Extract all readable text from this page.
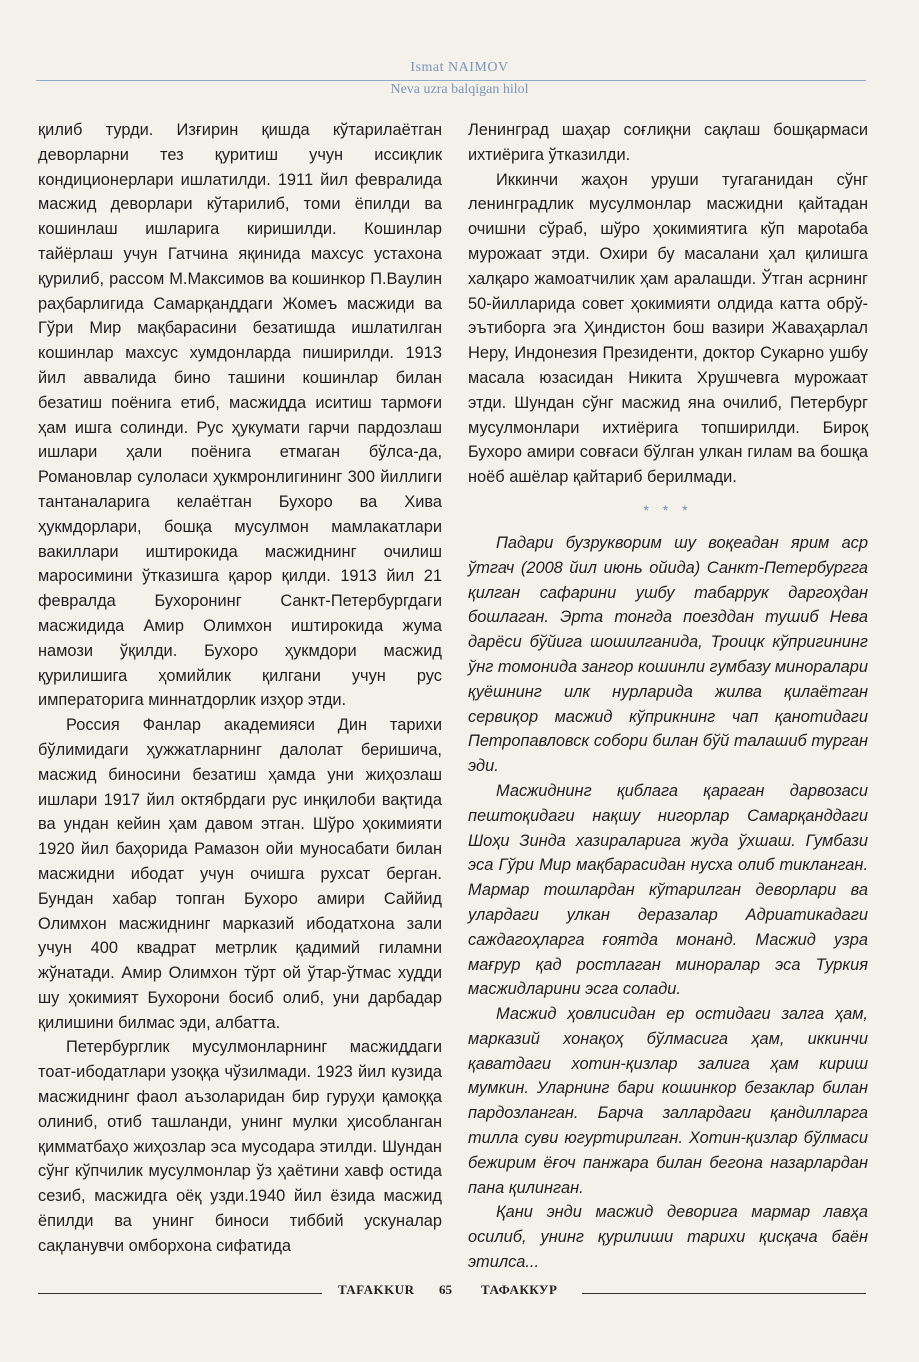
Ismat NAIMOV
Neva uzra balqigan hilol

қилиб турди. Изғирин қишда кўтарилаётган деворларни тез қуритиш учун иссиқлик кондиционерлари ишлатилди. 1911 йил февралида масжид деворлари кўтарилиб, томи ёпилди ва кошинлаш ишларига киришилди. Кошинлар тайёрлаш учун Гатчина яқинида махсус устахона қурилиб, рассом М.Максимов ва кошинкор П.Ваулин раҳбарлигида Самарқанддаги Жомеъ масжиди ва Гўри Мир мақбарасини безатишда ишлатилган кошинлар махсус хумдонларда пиширилди. 1913 йил аввалида бино ташини кошинлар билан безатиш поёнига етиб, масжидда иситиш тармоғи ҳам ишга солинди. Рус ҳукумати гарчи пардозлаш ишлари ҳали поёнига етмаган бўлса-да, Романовлар сулоласи ҳукмронлигининг 300 йиллиги тантаналарига келаётган Бухоро ва Хива ҳукмдорлари, бошқа мусулмон мамлакатлари вакиллари иштирокида масжиднинг очилиш маросимини ўтказишга қарор қилди. 1913 йил 21 февралда Бухоронинг Санкт-Петербургдаги масжидида Амир Олимхон иштирокида жума намози ўқилди. Бухоро ҳукмдори масжид қурилишига ҳомийлик қилгани учун рус императорига миннатдорлик изҳор этди.

Россия Фанлар академияси Дин тарихи бўлимидаги ҳужжатларнинг далолат беришича, масжид биносини безатиш ҳамда уни жиҳозлаш ишлари 1917 йил октябрдаги рус инқилоби вақтида ва ундан кейин ҳам давом этган. Шўро ҳокимияти 1920 йил баҳорида Рамазон ойи муносабати билан масжидни ибодат учун очишга рухсат берган. Бундан хабар топган Бухоро амири Саййид Олимхон масжиднинг марказий ибодатхона зали учун 400 квадрат метрлик қадимий гиламни жўнатади. Амир Олимхон тўрт ой ўтар-ўтмас худди шу ҳокимият Бухорони босиб олиб, уни дарбадар қилишини билмас эди, албатта.

Петербурглик мусулмонларнинг масжиддаги тоат-ибодатлари узоққа чўзилмади. 1923 йил кузида масжиднинг фаол аъзоларидан бир гуруҳи қамоққа олиниб, отиб ташланди, унинг мулки ҳисобланган қимматбаҳо жиҳозлар эса мусодара этилди. Шундан сўнг кўпчилик мусулмонлар ўз ҳаётини хавф остида сезиб, масжидга оёқ узди.1940 йил ёзида масжид ёпилди ва унинг биноси тиббий ускуналар сақланувчи омборхона сифатида

Ленинград шаҳар соғлиқни сақлаш бошқармаси ихтиёрига ўтказилди.

Иккинчи жаҳон уруши тугаганидан сўнг ленинградлик мусулмонлар масжидни қайтадан очишни сўраб, шўро ҳокимиятига кўп марotaба мурожаат этди. Охири бу масалани ҳал қилишга халқаро жамоатчилик ҳам аралашди. Ўтган асрнинг 50-йилларида совет ҳокимияти олдида катта обрў-эътиборга эга Ҳиндистон бош вазири Жаваҳарлал Неру, Индонезия Президенти, доктор Сукарно ушбу масала юзасидан Никита Хрушчевга мурожаат этди. Шундан сўнг масжид яна очилиб, Петербург мусулмонлари ихтиёрига топширилди. Бироқ Бухоро амири совғаси бўлган улкан гилам ва бошқа ноёб ашёлар қайтариб берилмади.

* * *

Падари бузрукворим шу воқеадан ярим аср ўтгач (2008 йил июнь ойида) Санкт-Петербургга қилган сафарини ушбу табаррук даргоҳдан бошлаган. Эрта тонгда поезддан тушиб Нева дарёси бўйига шошилганида, Троицк кўпригининг ўнг томонида зангор кошинли гумбазу миноралари қуёшнинг илк нурларида жилва қилаётган сервиқор масжид кўприкнинг чап қанотидаги Петропавловск собори билан бўй талашиб турган эди.

Масжиднинг қиблага қараган дарвозаси пештоқидаги нақшу нигорлар Самарқанддаги Шоҳи Зинда хазираларига жуда ўхшаш. Гумбази эса Гўри Мир мақбарасидан нусха олиб тикланган. Мармар тошлардан кўтарилган деворлари ва улардаги улкан деразалар Адриатикадаги саждагоҳларга ғоятда монанд. Масжид узра мағрур қад ростлаган миноралар эса Туркия масжидларини эсга солади.

Масжид ҳовлисидан ер остидаги залга ҳам, марказий хонақоҳ бўлмасига ҳам, иккинчи қаватдаги хотин-қизлар залига ҳам кириш мумкин. Уларнинг бари кошинкор безаклар билан пардозланган. Барча заллардаги қандилларга тилла суви югуртирилган. Хотин-қизлар бўлмаси бежирим ёғоч панжара билан бегона назарлардан пана қилинган.

Қани энди масжид деворига мармар лавҳа осилиб, унинг қурилиши тарихи қисқача баён этилса...

TAFAKKUR 65 ТАФАККУР
